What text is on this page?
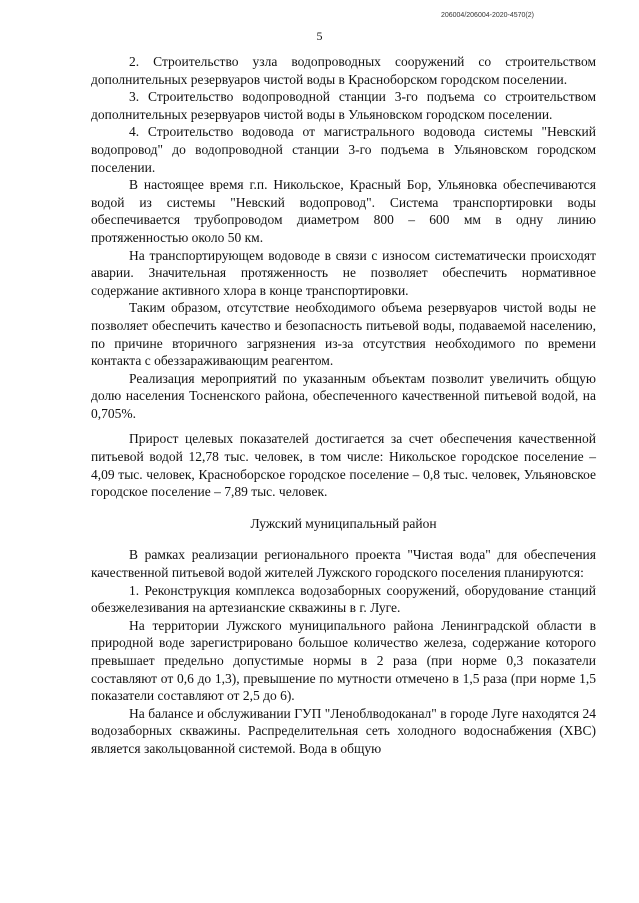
206004/206004-2020-4570(2)
5

2. Строительство узла водопроводных сооружений со строительством дополнительных резервуаров чистой воды в Красноборском городском поселении.

3. Строительство водопроводной станции 3-го подъема со строительством дополнительных резервуаров чистой воды в Ульяновском городском поселении.

4. Строительство водовода от магистрального водовода системы "Невский водопровод" до водопроводной станции 3-го подъема в Ульяновском городском поселении.

В настоящее время г.п. Никольское, Красный Бор, Ульяновка обеспечиваются водой из системы "Невский водопровод". Система транспортировки воды обеспечивается трубопроводом диаметром 800 – 600 мм в одну линию протяженностью около 50 км.

На транспортирующем водоводе в связи с износом систематически происходят аварии. Значительная протяженность не позволяет обеспечить нормативное содержание активного хлора в конце транспортировки.

Таким образом, отсутствие необходимого объема резервуаров чистой воды не позволяет обеспечить качество и безопасность питьевой воды, подаваемой населению, по причине вторичного загрязнения из-за отсутствия необходимого по времени контакта с обеззараживающим реагентом.

Реализация мероприятий по указанным объектам позволит увеличить общую долю населения Тосненского района, обеспеченного качественной питьевой водой, на 0,705%.

Прирост целевых показателей достигается за счет обеспечения качественной питьевой водой 12,78 тыс. человек, в том числе: Никольское городское поселение – 4,09 тыс. человек, Красноборское городское поселение – 0,8 тыс. человек, Ульяновское городское поселение – 7,89 тыс. человек.

Лужский муниципальный район

В рамках реализации регионального проекта "Чистая вода" для обеспечения качественной питьевой водой жителей Лужского городского поселения планируются:

1. Реконструкция комплекса водозаборных сооружений, оборудование станций обезжелезивания на артезианские скважины в г. Луге.

На территории Лужского муниципального района Ленинградской области в природной воде зарегистрировано большое количество железа, содержание которого превышает предельно допустимые нормы в 2 раза (при норме 0,3 показатели составляют от 0,6 до 1,3), превышение по мутности отмечено в 1,5 раза (при норме 1,5 показатели составляют от 2,5 до 6).

На балансе и обслуживании ГУП "Леноблводоканал" в городе Луге находятся 24 водозаборных скважины. Распределительная сеть холодного водоснабжения (ХВС) является закольцованной системой. Вода в общую
